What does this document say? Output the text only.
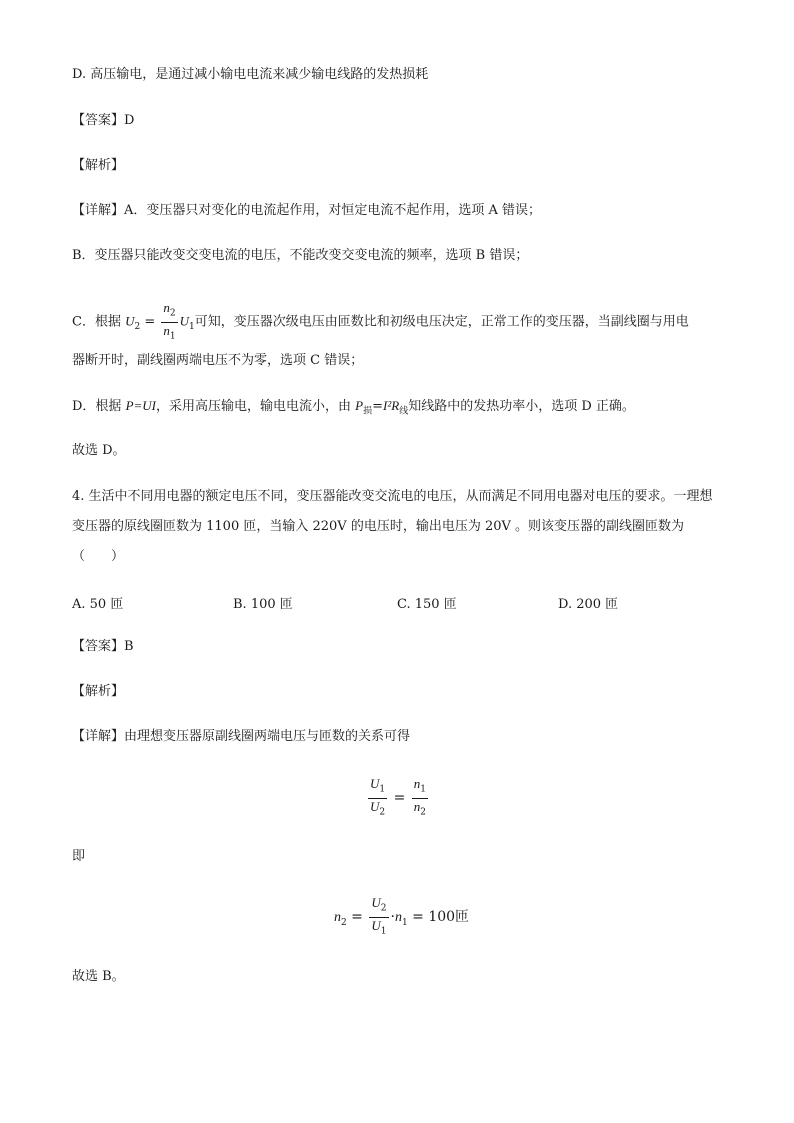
D. 高压输电，是通过减小输电电流来减少输电线路的发热损耗
【答案】D
【解析】
【详解】A．变压器只对变化的电流起作用，对恒定电流不起作用，选项 A 错误；
B．变压器只能改变交变电流的电压，不能改变交变电流的频率，选项 B 错误；
C．根据 $U_2 = \frac{n_2}{n_1} U_1$可知，变压器次级电压由匝数比和初级电压决定，正常工作的变压器，当副线圈与用电
器断开时，副线圈两端电压不为零，选项 C 错误；
D．根据 P=UI，采用高压输电，输电电流小，由 $P_损=I^2R_线$知线路中的发热功率小，选项 D 正确。
故选 D。
4. 生活中不同用电器的额定电压不同，变压器能改变交流电的电压，从而满足不同用电器对电压的要求。一理想变压器的原线圈匝数为 1100 匝，当输入 220V 的电压时，输出电压为 20V 。则该变压器的副线圈匝数为（　　）
A. 50 匝	B. 100 匝	C. 150 匝	D. 200 匝
【答案】B
【解析】
【详解】由理想变压器原副线圈两端电压与匝数的关系可得
$\frac{U_1}{U_2} = \frac{n_1}{n_2}$
即
$n_2 = \frac{U_2}{U_1} \cdot n_1 = 100$匝
故选 B。
